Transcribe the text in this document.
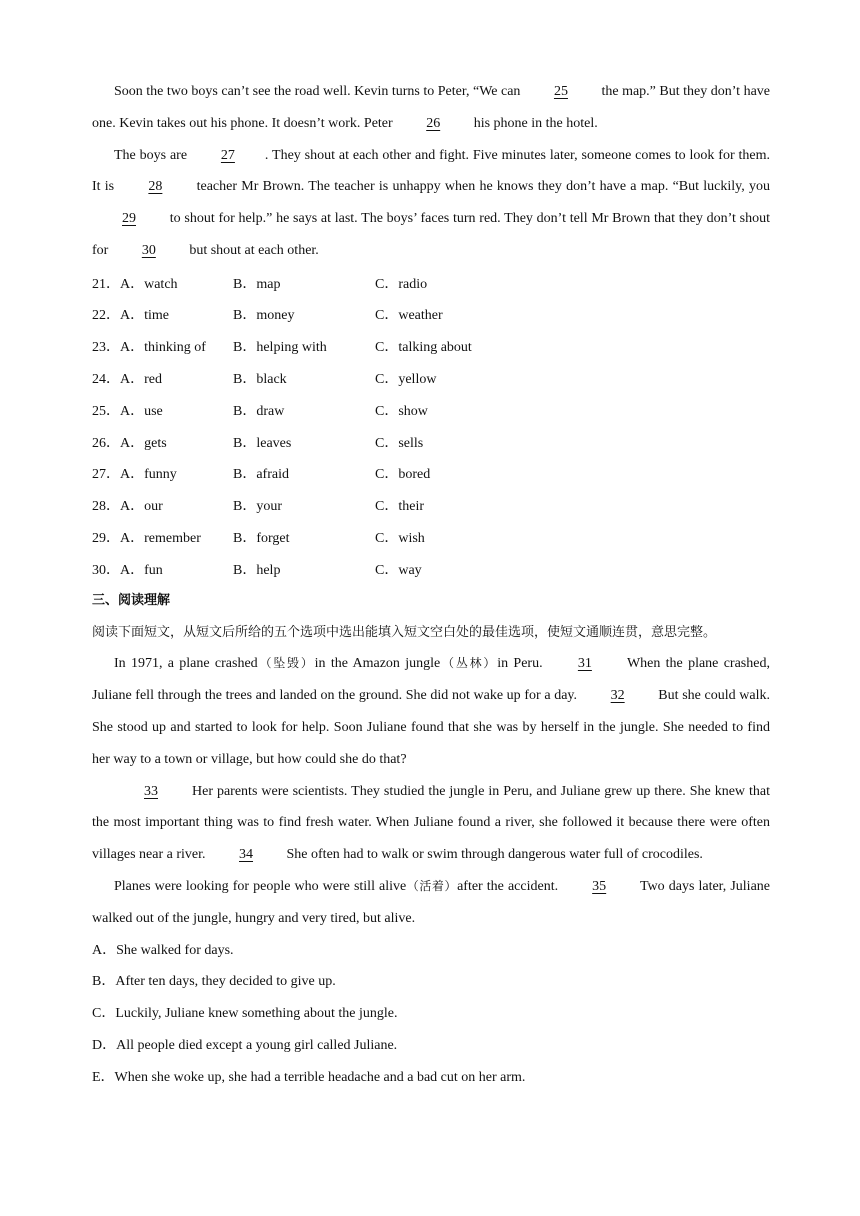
Soon the two boys can’t see the road well. Kevin turns to Peter, “We can 25 the map.” But they don’t have one. Kevin takes out his phone. It doesn’t work. Peter 26 his phone in the hotel.

The boys are 27 . They shout at each other and fight. Five minutes later, someone comes to look for them. It is 28 teacher Mr Brown. The teacher is unhappy when he knows they don’t have a map. “But luckily, you 29 to shout for help.” he says at last. The boys’ faces turn red. They don’t tell Mr Brown that they don’t shout for 30 but shout at each other.

21．A．watch	B．map	C．radio
22．A．time	B．money	C．weather
23．A．thinking of	B．helping with	C．talking about
24．A．red	B．black	C．yellow
25．A．use	B．draw	C．show
26．A．gets	B．leaves	C．sells
27．A．funny	B．afraid	C．bored
28．A．our	B．your	C．their
29．A．remember	B．forget	C．wish
30．A．fun	B．help	C．way
三、阅读理解
阅读下面短文，从短文后所给的五个选项中选出能填入短文空白处的最佳选项，使短文通顺连贯，意思完整。

In 1971, a plane crashed（坠毁）in the Amazon jungle（丛林）in Peru. 31 When the plane crashed, Juliane fell through the trees and landed on the ground. She did not wake up for a day. 32 But she could walk. She stood up and started to look for help. Soon Juliane found that she was by herself in the jungle. She needed to find her way to a town or village, but how could she do that?

33 Her parents were scientists. They studied the jungle in Peru, and Juliane grew up there. She knew that the most important thing was to find fresh water. When Juliane found a river, she followed it because there were often villages near a river. 34 She often had to walk or swim through dangerous water full of crocodiles.

Planes were looking for people who were still alive（活着）after the accident. 35 Two days later, Juliane walked out of the jungle, hungry and very tired, but alive.

A．She walked for days.
B．After ten days, they decided to give up.
C．Luckily, Juliane knew something about the jungle.
D．All people died except a young girl called Juliane.
E．When she woke up, she had a terrible headache and a bad cut on her arm.
